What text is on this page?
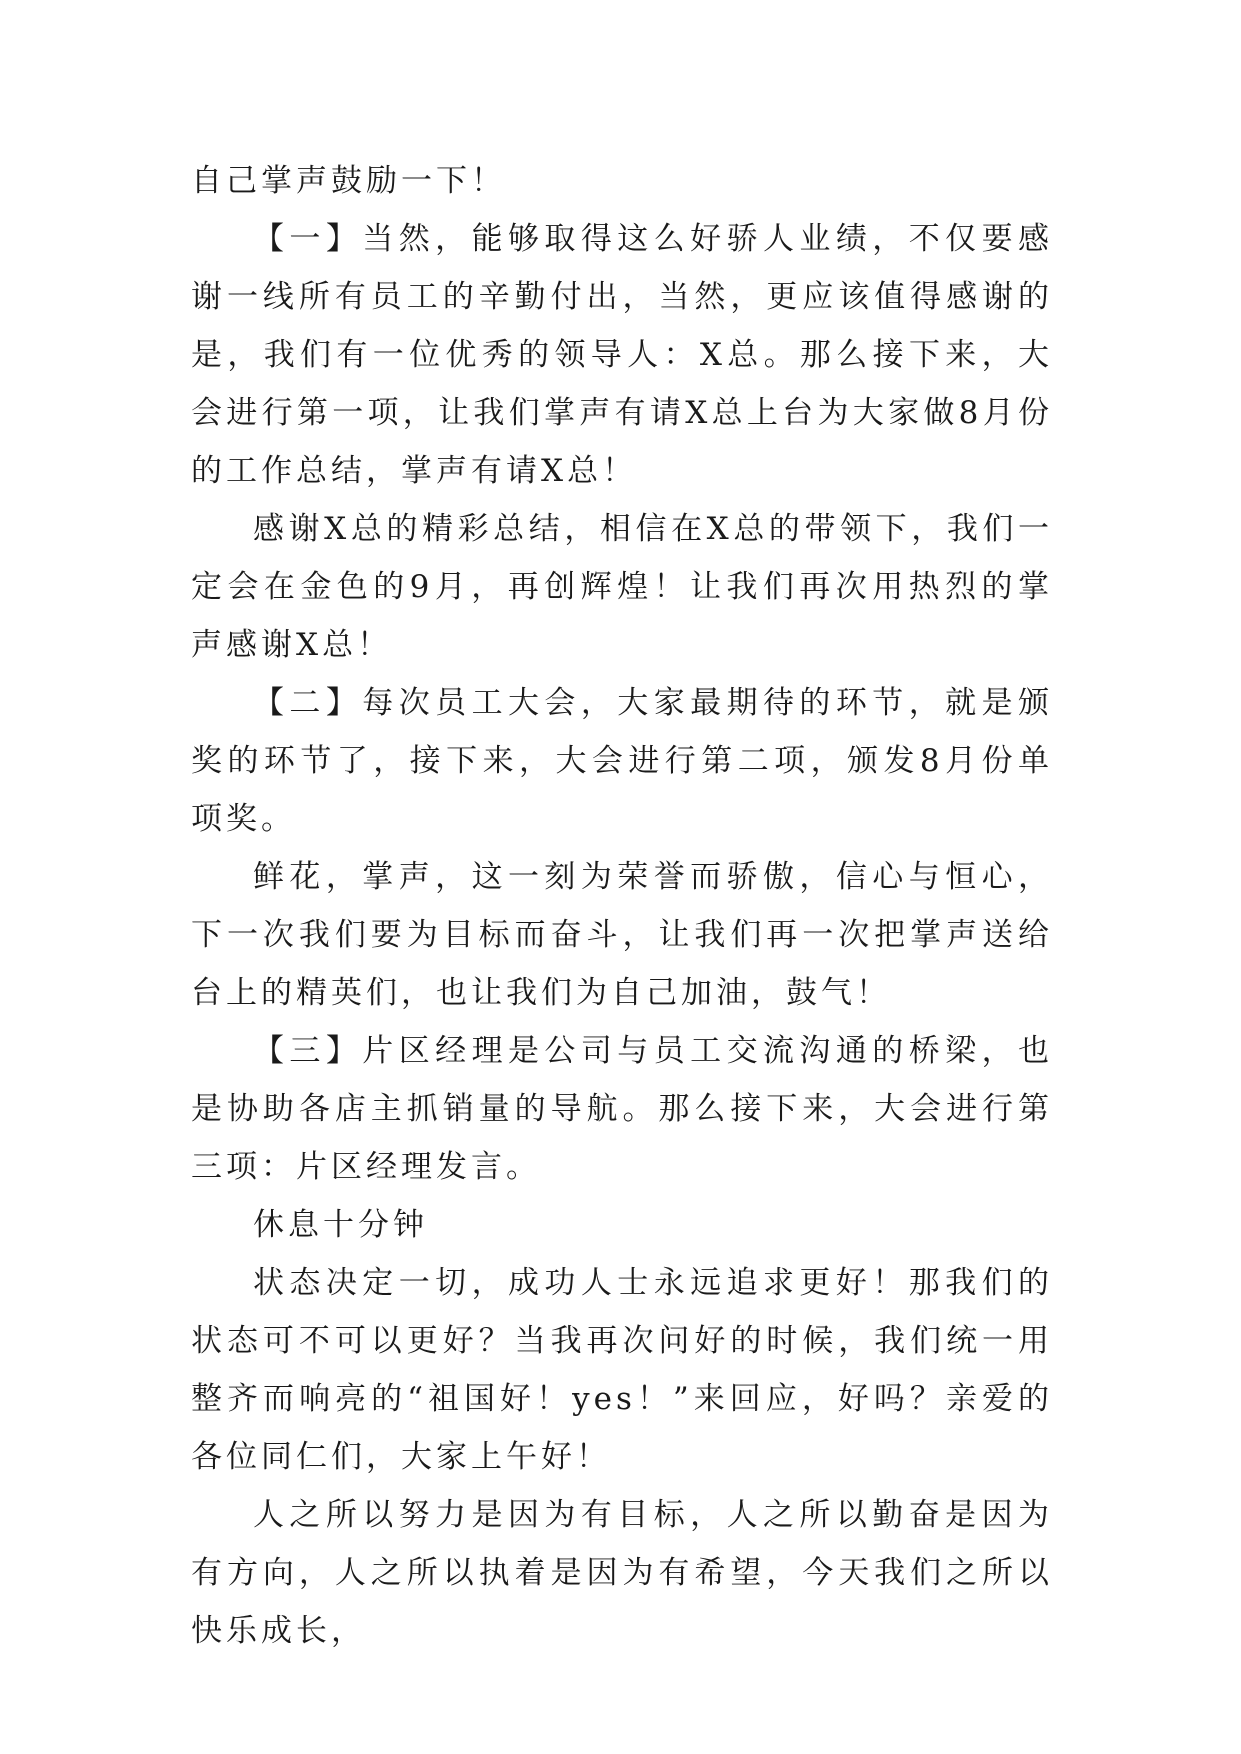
自己掌声鼓励一下！

【一】当然，能够取得这么好骄人业绩，不仅要感谢一线所有员工的辛勤付出，当然，更应该值得感谢的是，我们有一位优秀的领导人：X总。那么接下来，大会进行第一项，让我们掌声有请X总上台为大家做8月份的工作总结，掌声有请X总！

感谢X总的精彩总结，相信在X总的带领下，我们一定会在金色的9月，再创辉煌！让我们再次用热烈的掌声感谢X总！

【二】每次员工大会，大家最期待的环节，就是颁奖的环节了，接下来，大会进行第二项，颁发8月份单项奖。

鲜花，掌声，这一刻为荣誉而骄傲，信心与恒心，下一次我们要为目标而奋斗，让我们再一次把掌声送给台上的精英们，也让我们为自己加油，鼓气！

【三】片区经理是公司与员工交流沟通的桥梁，也是协助各店主抓销量的导航。那么接下来，大会进行第三项：片区经理发言。

休息十分钟

状态决定一切，成功人士永远追求更好！那我们的状态可不可以更好？当我再次问好的时候，我们统一用整齐而响亮的“祖国好！yes！”来回应，好吗？亲爱的各位同仁们，大家上午好！

人之所以努力是因为有目标，人之所以勤奋是因为有方向，人之所以执着是因为有希望，今天我们之所以快乐成长，
